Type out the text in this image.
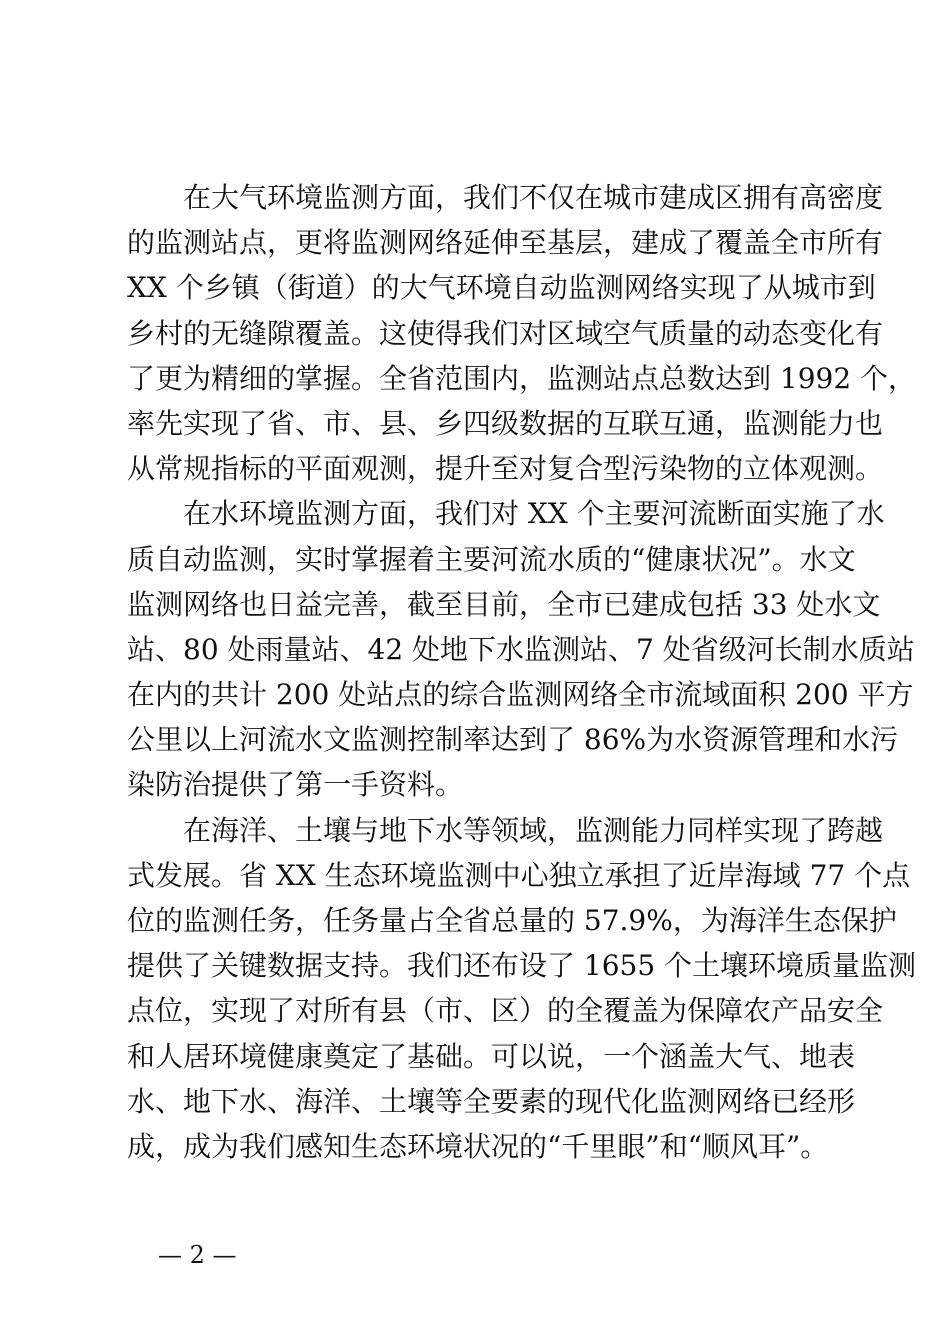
在大气环境监测方面，我们不仅在城市建成区拥有高密度
的监测站点，更将监测网络延伸至基层，建成了覆盖全市所有
XX 个乡镇（街道）的大气环境自动监测网络实现了从城市到
乡村的无缝隙覆盖。这使得我们对区域空气质量的动态变化有
了更为精细的掌握。全省范围内，监测站点总数达到 1992 个，
率先实现了省、市、县、乡四级数据的互联互通，监测能力也
从常规指标的平面观测，提升至对复合型污染物的立体观测。

在水环境监测方面，我们对 XX 个主要河流断面实施了水
质自动监测，实时掌握着主要河流水质的“健康状况”。水文
监测网络也日益完善，截至目前，全市已建成包括 33 处水文
站、80 处雨量站、42 处地下水监测站、7 处省级河长制水质站
在内的共计 200 处站点的综合监测网络全市流域面积 200 平方
公里以上河流水文监测控制率达到了 86%为水资源管理和水污
染防治提供了第一手资料。

在海洋、土壤与地下水等领域，监测能力同样实现了跨越
式发展。省 XX 生态环境监测中心独立承担了近岸海域 77 个点
位的监测任务，任务量占全省总量的 57.9%，为海洋生态保护
提供了关键数据支持。我们还布设了 1655 个土壤环境质量监测
点位，实现了对所有县（市、区）的全覆盖为保障农产品安全
和人居环境健康奠定了基础。可以说，一个涵盖大气、地表
水、地下水、海洋、土壤等全要素的现代化监测网络已经形
成，成为我们感知生态环境状况的“千里眼”和“顺风耳”。

— 2 —
